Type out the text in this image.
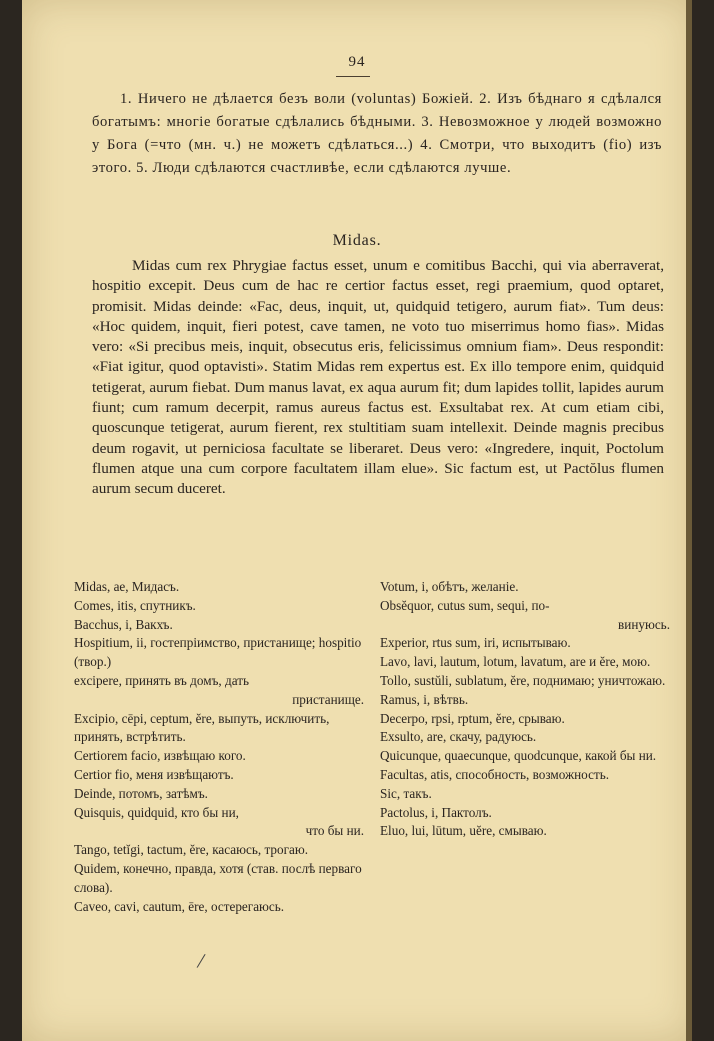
94
1. Ничего не дѣлается безъ воли (voluntas) Божіей. 2. Изъ бѣднаго я сдѣлался богатымъ: многіе богатые сдѣлались бѣдными. 3. Невозможное у людей возможно у Бога (=что (мн. ч.) не можетъ сдѣлаться...) 4. Смотри, что выходитъ (fio) изъ этого. 5. Люди сдѣлаются счастливѣе, если сдѣлаются лучше.
Midas.
Midas cum rex Phrygiae factus esset, unum e comitibus Bacchi, qui via aberraverat, hospitio excepit. Deus cum de hac re certior factus esset, regi praemium, quod optaret, promisit. Midas deinde: «Fac, deus, inquit, ut, quidquid tetigero, aurum fiat». Tum deus: «Hoc quidem, inquit, fieri potest, cave tamen, ne voto tuo miserrimus homo fias». Midas vero: «Si precibus meis, inquit, obsecutus eris, felicissimus omnium fiam». Deus respondit: «Fiat igitur, quod optavisti». Statim Midas rem expertus est. Ex illo tempore enim, quidquid tetigerat, aurum fiebat. Dum manus lavat, ex aqua aurum fit; dum lapides tollit, lapides aurum fiunt; cum ramum decerpit, ramus aureus factus est. Exsultabat rex. At cum etiam cibi, quoscunque tetigerat, aurum fierent, rex stultitiam suam intellexit. Deinde magnis precibus deum rogavit, ut perniciosa facultate se liberaret. Deus vero: «Ingredere, inquit, Poctolum flumen atque una cum corpore facultatem illam elue». Sic factum est, ut Pactŏlus flumen aurum secum duceret.

Midas, ae, Мидасъ.

Comes, itis, спутникъ.

Bacchus, i, Вакхъ.

Hospitium, ii, гостепріимство, пристанище; hospitio (твор.)

excipere, принять въ домъ, дать
пристанище.

Excipio, cēpi, ceptum, ĕre, выпуть, исключить, принять, встрѣтить.

Certiorem facio, извѣщаю кого.

Certior fio, меня извѣщаютъ.

Deinde, потомъ, затѣмъ.

Quisquis, quidquid, кто бы ни,
что бы ни.

Tango, tetĭgi, tactum, ĕre, касаюсь, трогаю.

Quidem, конечно, правда, хотя (став. послѣ перваго слова).

Caveo, cavi, cautum, ēre, остерегаюсь.

Votum, i, обѣтъ, желаніе.

Obsĕquor, cutus sum, sequi, по-
винуюсь.

Experior, rtus sum, iri, испытываю.

Lavo, lavi, lautum, lotum, lavatum, are и ĕre, мою.

Tollo, sustŭli, sublatum, ĕre, поднимаю; уничтожаю.

Ramus, i, вѣтвь.

Decerpo, rpsi, rptum, ĕre, срываю.

Exsulto, are, скачу, радуюсь.

Quicunque, quaecunque, quodcunque, какой бы ни.

Facultas, atis, способность, возможность.

Sic, такъ.

Pactolus, i, Пактолъ.

Eluo, lui, lūtum, uĕre, смываю.

/
